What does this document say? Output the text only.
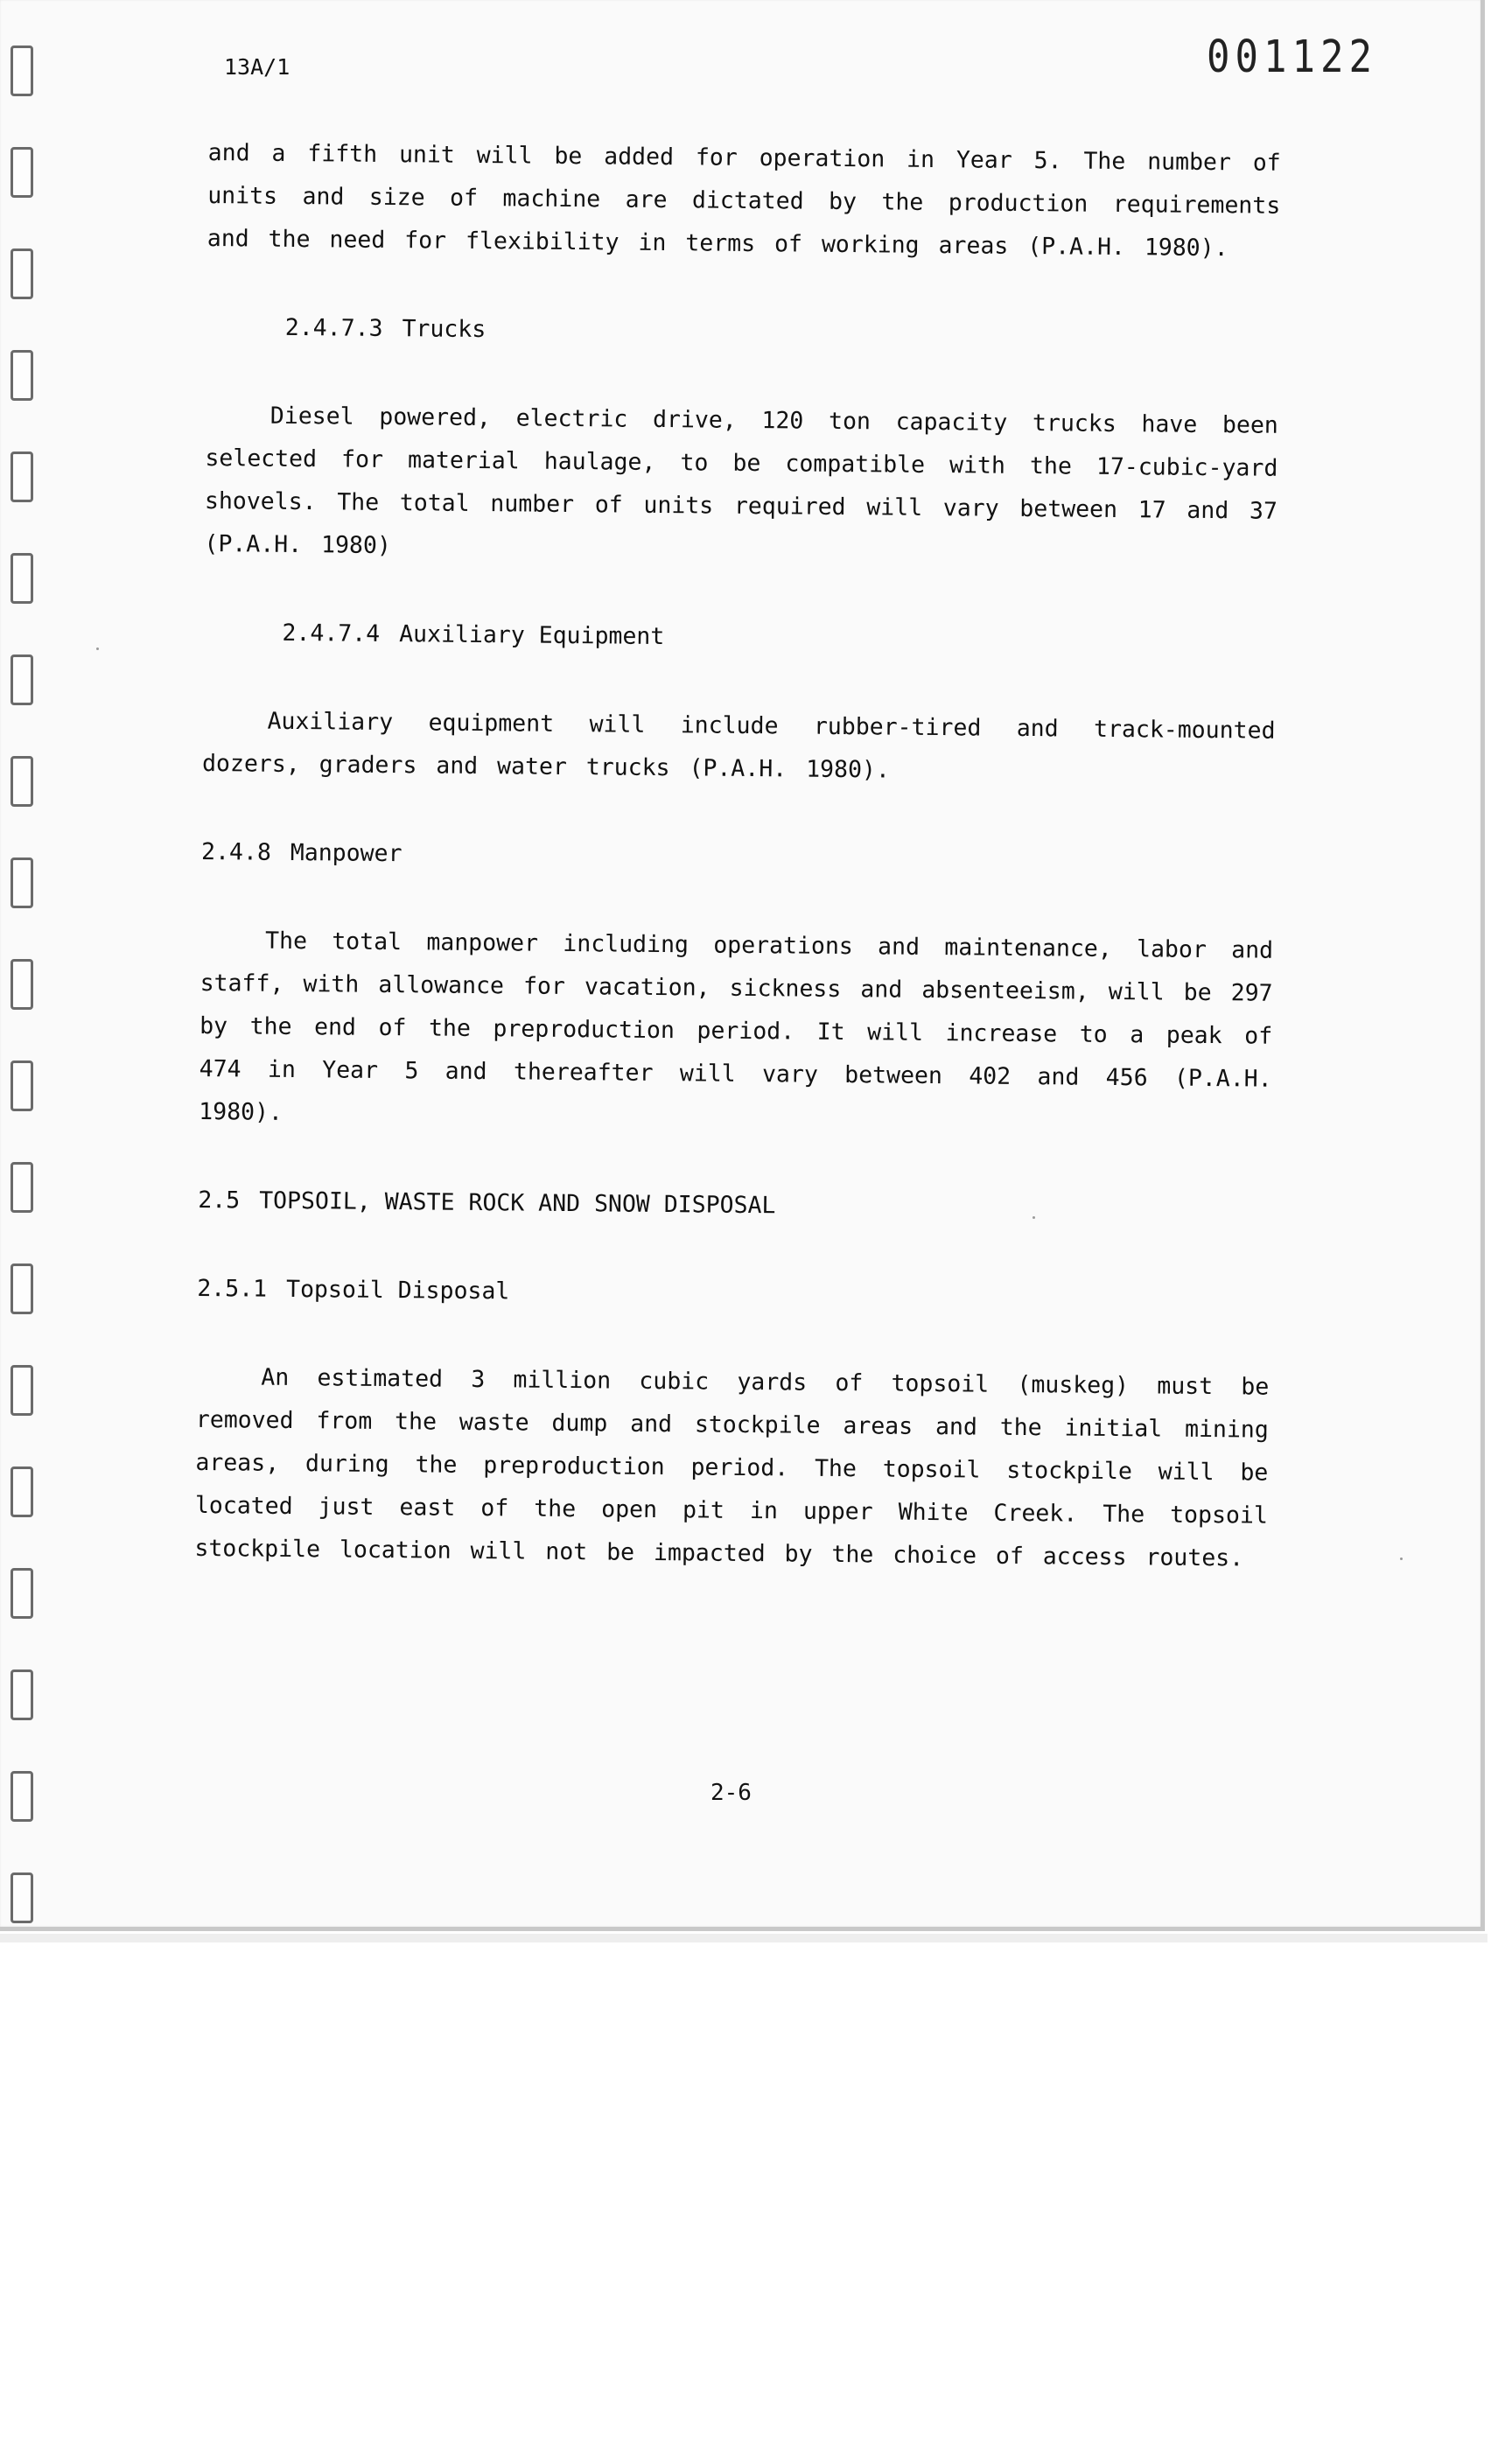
13A/1	001122

and a fifth unit will be added for operation in Year 5. The number of units and size of machine are dictated by the production requirements and the need for flexibility in terms of working areas (P.A.H. 1980).

2.4.7.3 Trucks

Diesel powered, electric drive, 120 ton capacity trucks have been selected for material haulage, to be compatible with the 17-cubic-yard shovels. The total number of units required will vary between 17 and 37 (P.A.H. 1980)

2.4.7.4 Auxiliary Equipment

Auxiliary equipment will include rubber-tired and track-mounted dozers, graders and water trucks (P.A.H. 1980).

2.4.8 Manpower

The total manpower including operations and maintenance, labor and staff, with allowance for vacation, sickness and absenteeism, will be 297 by the end of the preproduction period. It will increase to a peak of 474 in Year 5 and thereafter will vary between 402 and 456 (P.A.H. 1980).

2.5 TOPSOIL, WASTE ROCK AND SNOW DISPOSAL
2.5.1 Topsoil Disposal

An estimated 3 million cubic yards of topsoil (muskeg) must be removed from the waste dump and stockpile areas and the initial mining areas, during the preproduction period. The topsoil stockpile will be located just east of the open pit in upper White Creek. The topsoil stockpile location will not be impacted by the choice of access routes.

2-6
